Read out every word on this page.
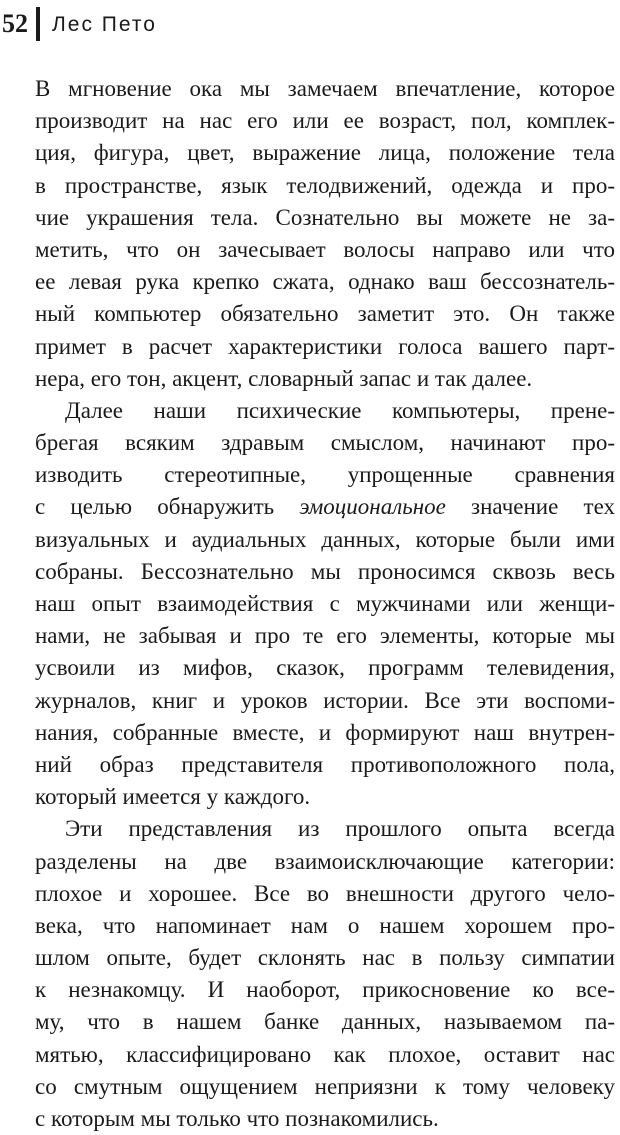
52 Лес Пето
В мгновение ока мы замечаем впечатление, которое
производит на нас его или ее возраст, пол, комплек-
ция, фигура, цвет, выражение лица, положение тела
в пространстве, язык телодвижений, одежда и про-
чие украшения тела. Сознательно вы можете не за-
метить, что он зачесывает волосы направо или что
ее левая рука крепко сжата, однако ваш бессознатель-
ный компьютер обязательно заметит это. Он также
примет в расчет характеристики голоса вашего парт-
нера, его тон, акцент, словарный запас и так далее.
Далее наши психические компьютеры, пренe-
брегая всяким здравым смыслом, начинают про-
изводить стереотипные, упрощенные сравнения
с целью обнаружить эмоциональное значение тех
визуальных и аудиальных данных, которые были ими
собраны. Бессознательно мы проносимся сквозь весь
наш опыт взаимодействия с мужчинами или женщи-
нами, не забывая и про те его элементы, которые мы
усвоили из мифов, сказок, программ телевидения,
журналов, книг и уроков истории. Все эти воспоми-
нания, собранные вместе, и формируют наш внутрен-
ний образ представителя противоположного пола,
который имеется у каждого.
Эти представления из прошлого опыта всегда
разделены на две взаимоисключающие категории:
плохое и хорошее. Все во внешности другого чело-
века, что напоминает нам о нашем хорошем про-
шлом опыте, будет склонять нас в пользу симпатии
к незнакомцу. И наоборот, прикосновение ко все-
му, что в нашем банке данных, называемом па-
мятью, классифицировано как плохое, оставит нас
со смутным ощущением неприязни к тому человеку
с которым мы только что познакомились.
